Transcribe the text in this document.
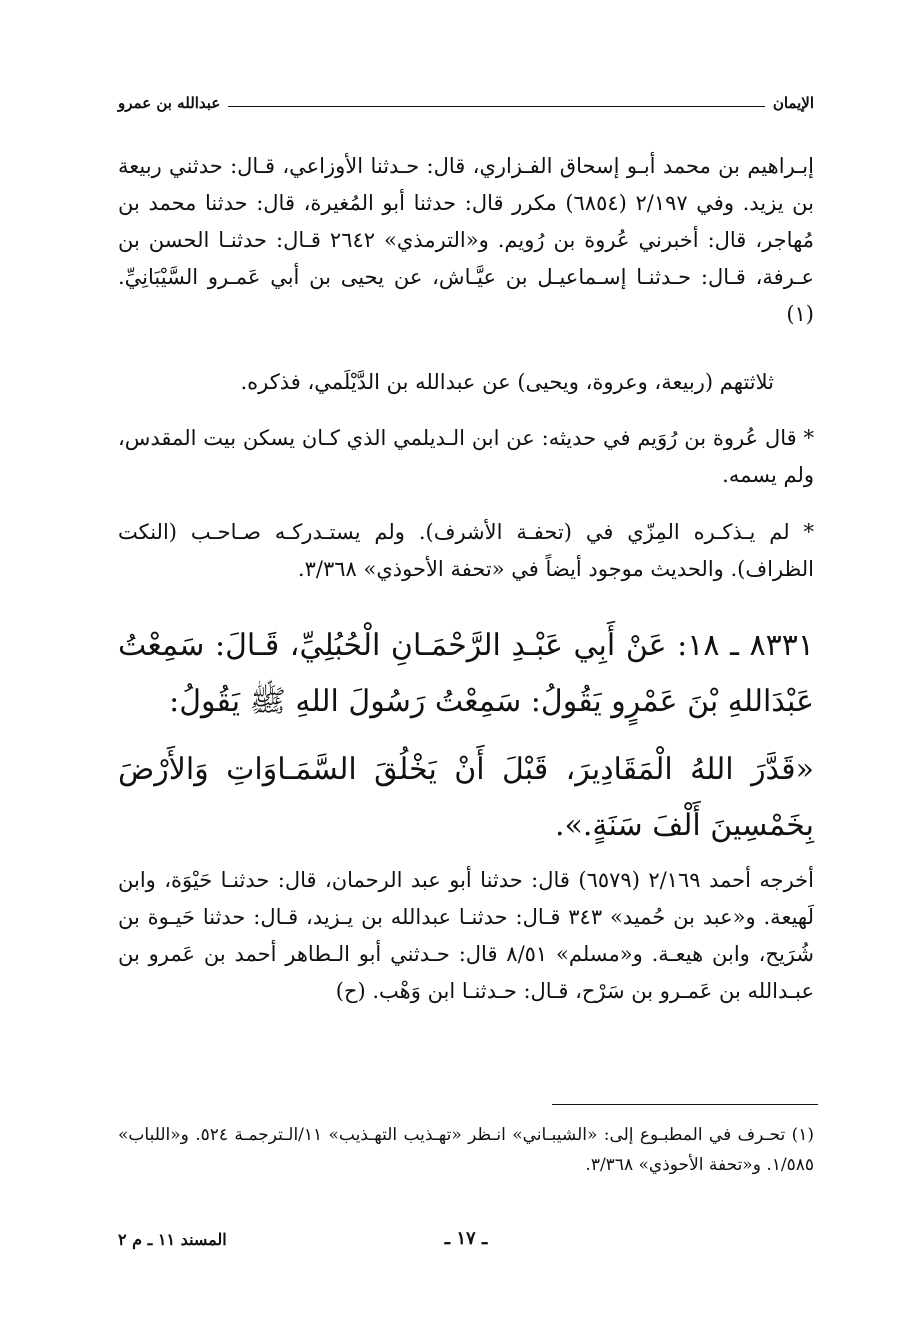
الإيمان
عبدالله بن عمرو

إبـراهيم بن محمد أبـو إسحاق الفـزاري، قال: حـدثنا الأوزاعي، قـال: حدثني ربيعة بن يزيد. وفي ٢/١٩٧ (٦٨٥٤) مكرر قال: حدثنا أبو المُغيرة، قال: حدثنا محمد بن مُهاجر، قال: أخبرني عُروة بن رُويم. و«الترمذي» ٢٦٤٢ قـال: حدثنـا الحسن بن عـرفة، قـال: حـدثنـا إسـماعيـل بن عيَّـاش، عن يحيى بن أبي عَمـرو السَّيْبَانِيِّ. (١)

ثلاثتهم (ربيعة، وعروة، ويحيى) عن عبدالله بن الدَّيْلَمي، فذكره.

* قال عُروة بن رُوَيم في حديثه: عن ابن الـديلمي الذي كـان يسكن بيت المقدس، ولم يسمه.

* لم يـذكـره المِزّي في (تحفـة الأشرف). ولم يستـدركـه صـاحـب (النكت الظراف). والحديث موجود أيضاً في «تحفة الأحوذي» ٣/٣٦٨.

٨٣٣١ ـ ١٨: عَنْ أَبِي عَبْـدِ الرَّحْمَـانِ الْحُبُلِيِّ، قَـالَ: سَمِعْتُ عَبْدَاللهِ بْنَ عَمْرٍو يَقُولُ: سَمِعْتُ رَسُولَ اللهِ ﷺ يَقُولُ:

«قَدَّرَ اللهُ الْمَقَادِيرَ، قَبْلَ أَنْ يَخْلُقَ السَّمَـاوَاتِ وَالأَرْضَ بِخَمْسِينَ أَلْفَ سَنَةٍ.».

أخرجه أحمد ٢/١٦٩ (٦٥٧٩) قال: حدثنا أبو عبد الرحمان، قال: حدثنـا حَيْوَة، وابن لَهيعة. و«عبد بن حُميد» ٣٤٣ قـال: حدثنـا عبدالله بن يـزيد، قـال: حدثنا حَيـوة بن شُرَيح، وابن هيعـة. و«مسلم» ٨/٥١ قال: حـدثني أبو الـطاهر أحمد بن عَمرو بن عبـدالله بن عَمـرو بن سَرْح، قـال: حـدثنـا ابن وَهْب. (ح)

(١) تحـرف في المطبـوع إلى: «الشيبـاني» انـظر «تهـذيب التهـذيب» ١١/الـترجمـة ٥٢٤. و«اللباب» ١/٥٨٥. و«تحفة الأحوذي» ٣/٣٦٨.
ـ ١٧ ـ
المسند ١١ ـ م ٢
